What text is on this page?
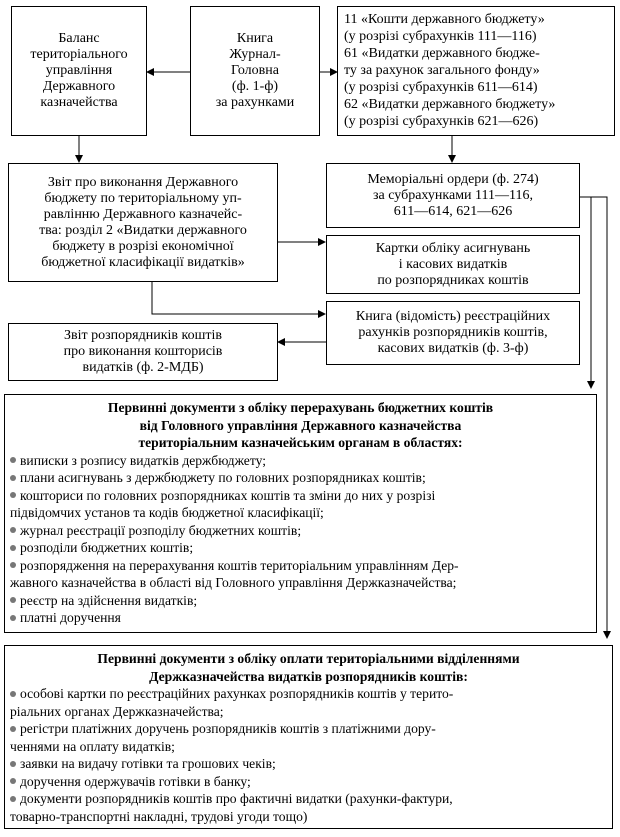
Баланс
територіального
управління
Державного
казначейства
Книга
Журнал-
Головна
(ф. 1-ф)
за рахунками
11 «Кошти державного бюджету»
(у розрізі субрахунків 111—116)
61 «Видатки державного бюдже-
ту за рахунок загального фонду»
(у розрізі субрахунків 611—614)
62 «Видатки державного бюджету»
(у розрізі субрахунків 621—626)
Звіт про виконання Державного
бюджету по територіальному уп-
равлінню Державного казначейс-
тва: розділ 2 «Видатки державного
бюджету в розрізі економічної
бюджетної класифікації видатків»
Меморіальні ордери (ф. 274)
за субрахунками 111—116,
611—614, 621—626
Картки обліку асигнувань
і касових видатків
по розпорядниках коштів
Книга (відомість) реєстраційних
рахунків розпорядників коштів,
касових видатків (ф. 3-ф)
Звіт розпорядників коштів
про виконання кошторисів
видатків (ф. 2-МДБ)
Первинні документи з обліку перерахувань бюджетних коштів
від Головного управління Державного казначейства
територіальним казначейським органам в областях:
виписки з розпису видатків держбюджету;
плани асигнувань з держбюджету по головних розпорядниках коштів;
кошториси по головних розпорядниках коштів та зміни до них у розрізі
підвідомчих установ та кодів бюджетної класифікації;
журнал реєстрації розподілу бюджетних коштів;
розподіли бюджетних коштів;
розпорядження на перерахування коштів територіальним управлінням Дер-
жавного казначейства в області від Головного управління Держказначейства;
реєстр на здійснення видатків;
платні доручення
Первинні документи з обліку оплати територіальними відділеннями
Держказначейства видатків розпорядників коштів:
особові картки по реєстраційних рахунках розпорядників коштів у терито-
ріальних органах Держказначейства;
регістри платіжних доручень розпорядників коштів з платіжними дору-
ченнями на оплату видатків;
заявки на видачу готівки та грошових чеків;
доручення одержувачів готівки в банку;
документи розпорядників коштів про фактичні видатки (рахунки-фактури,
товарно-транспортні накладні, трудові угоди тощо)
